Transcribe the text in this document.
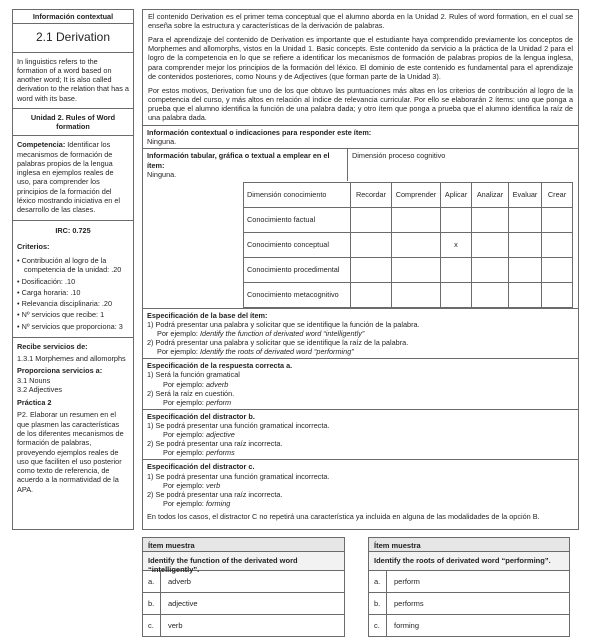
Información contextual
2.1 Derivation
In linguistics refers to the formation of a word based on another word; It is also called derivation to the relation that has a word with its base.
Unidad 2. Rules of Word formation
Competencia: Identificar los mecanismos de formación de palabras propios de la lengua inglesa en ejemplos reales de uso, para comprender los principios de la formación del léxico mostrando iniciativa en el desarrollo de las clases.
IRC: 0.725
Criterios:
• Contribución al logro de la competencia de la unidad: .20
• Dosificación: .10
• Carga horaria: .10
• Relevancia disciplinaria: .20
• Nº servicios que recibe: 1
• Nº servicios que proporciona: 3
Recibe servicios de:
1.3.1 Morphemes and allomorphs
Proporciona servicios a:
3.1 Nouns
3.2 Adjectives
Práctica 2
P2. Elaborar un resumen en el que plasmen las características de los diferentes mecanismos de formación de palabras, proveyendo ejemplos reales de uso que faciliten el uso posterior como texto de referencia, de acuerdo a la normatividad de la APA.
El contenido Derivation es el primer tema conceptual que el alumno aborda en la Unidad 2. Rules of word formation, en el cual se enseña sobre la estructura y características de la derivación de palabras.
Para el aprendizaje del contenido de Derivation es importante que el estudiante haya comprendido previamente los conceptos de Morphemes and allomorphs, vistos en la Unidad 1. Basic concepts. Este contenido da servicio a la práctica de la Unidad 2 para el logro de la competencia en lo que se refiere a identificar los mecanismos de formación de palabras propios de la lengua inglesa, para comprender mejor los principios de la formación del léxico. El dominio de este contenido es fundamental para el aprendizaje de contenidos posteriores, como Nouns y de Adjectives (que forman parte de la Unidad 3).
Por estos motivos, Derivation fue uno de los que obtuvo las puntuaciones más altas en los criterios de contribución al logro de la competencia del curso, y más altos en relación al índice de relevancia curricular. Por ello se elaborarán 2 ítems: uno que ponga a prueba que el alumno identifica la función de una palabra dada; y otro ítem que ponga a prueba que el alumno identifica la raíz de una palabra dada.
Información contextual o indicaciones para responder este ítem:
Ninguna.
Información tabular, gráfica o textual a emplear en el ítem:
Ninguna.
Dimensión proceso cognitivo
Dimensión conocimiento	Recordar	Comprender	Aplicar	Analizar	Evaluar	Crear
Conocimiento factual						
Conocimiento conceptual			x			
Conocimiento procedimental						
Conocimiento metacognitivo						
Especificación de la base del ítem:
1) Podrá presentar una palabra y solicitar que se identifique la función de la palabra.
Por ejemplo: Identify the function of derivated word “intelligently”
2) Podrá presentar una palabra y solicitar que se identifique la raíz de la palabra.
Por ejemplo: Identify the roots of derivated word “performing”
Especificación de la respuesta correcta a.
1) Será la función gramatical
Por ejemplo: adverb
2) Será la raíz en cuestión.
Por ejemplo: perform
Especificación del distractor b.
1) Se podrá presentar una función gramatical incorrecta.
Por ejemplo: adjective
2) Se podrá presentar una raíz incorrecta.
Por ejemplo: performs
Especificación del distractor c.
1) Se podrá presentar una función gramatical incorrecta.
Por ejemplo: verb
2) Se podrá presentar una raíz incorrecta.
Por ejemplo: forming
En todos los casos, el distractor C no repetirá una característica ya incluida en alguna de las modalidades de la opción B.
Ítem muestra
Identify the function of the derivated word “intelligently”.
a.	adverb
b.	adjective
c.	verb
Ítem muestra
Identify the roots of derivated word “performing”.
a.	perform
b.	performs
c.	forming
